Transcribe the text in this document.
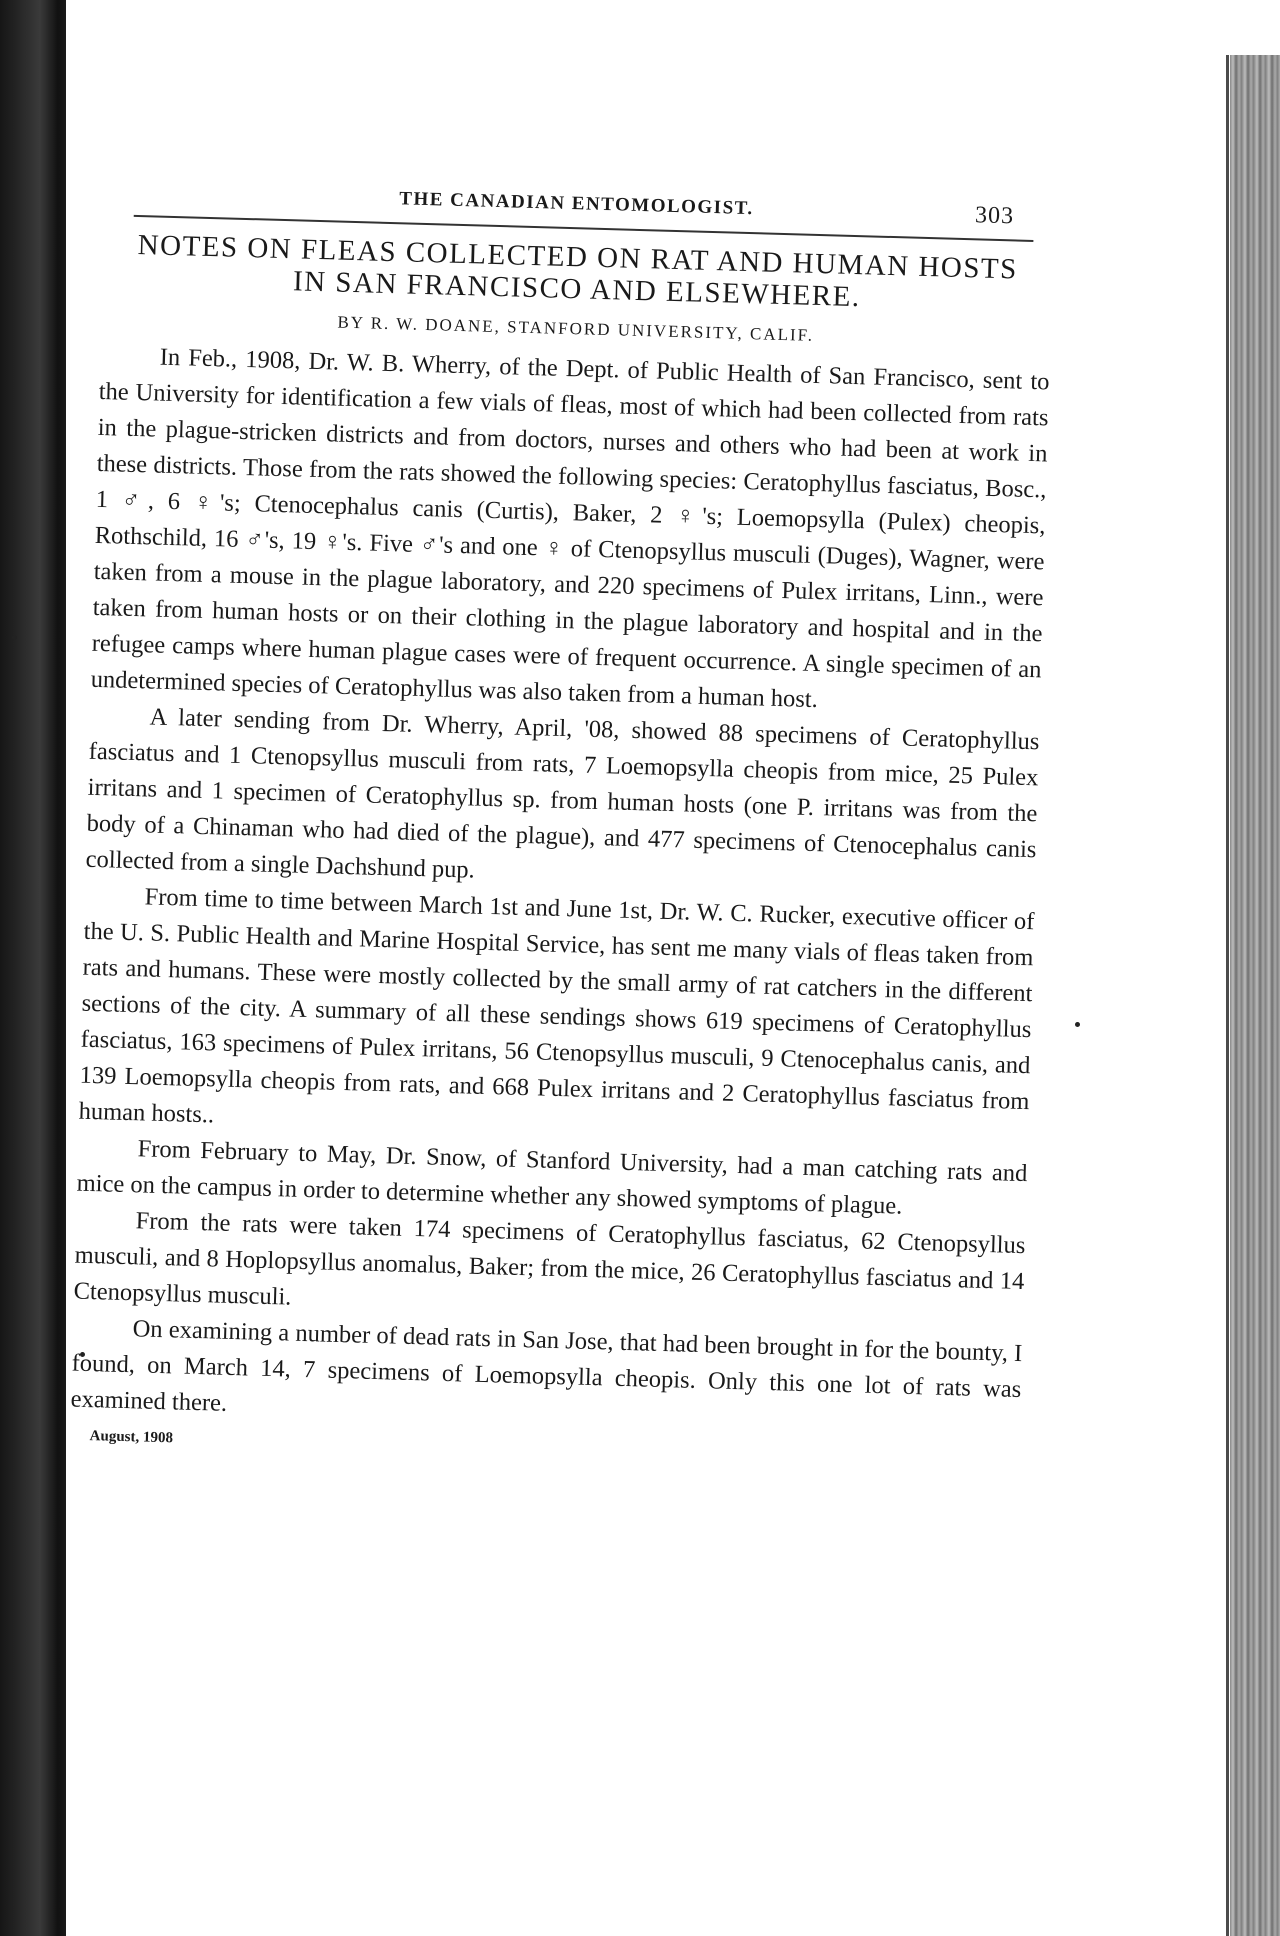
THE CANADIAN ENTOMOLOGIST.	303
NOTES ON FLEAS COLLECTED ON RAT AND HUMAN HOSTS IN SAN FRANCISCO AND ELSEWHERE.
BY R. W. DOANE, STANFORD UNIVERSITY, CALIF.

In Feb., 1908, Dr. W. B. Wherry, of the Dept. of Public Health of San Francisco, sent to the University for identification a few vials of fleas, most of which had been collected from rats in the plague-stricken districts and from doctors, nurses and others who had been at work in these districts. Those from the rats showed the following species: Ceratophyllus fasciatus, Bosc., 1 ♂, 6 ♀'s; Ctenocephalus canis (Curtis), Baker, 2 ♀'s; Loemopsylla (Pulex) cheopis, Rothschild, 16 ♂'s, 19 ♀'s. Five ♂'s and one ♀ of Ctenopsyllus musculi (Duges), Wagner, were taken from a mouse in the plague laboratory, and 220 specimens of Pulex irritans, Linn., were taken from human hosts or on their clothing in the plague laboratory and hospital and in the refugee camps where human plague cases were of frequent occurrence. A single specimen of an undetermined species of Ceratophyllus was also taken from a human host.

A later sending from Dr. Wherry, April, '08, showed 88 specimens of Ceratophyllus fasciatus and 1 Ctenopsyllus musculi from rats, 7 Loemopsylla cheopis from mice, 25 Pulex irritans and 1 specimen of Ceratophyllus sp. from human hosts (one P. irritans was from the body of a Chinaman who had died of the plague), and 477 specimens of Ctenocephalus canis collected from a single Dachshund pup.

From time to time between March 1st and June 1st, Dr. W. C. Rucker, executive officer of the U. S. Public Health and Marine Hospital Service, has sent me many vials of fleas taken from rats and humans. These were mostly collected by the small army of rat catchers in the different sections of the city. A summary of all these sendings shows 619 specimens of Ceratophyllus fasciatus, 163 specimens of Pulex irritans, 56 Ctenopsyllus musculi, 9 Ctenocephalus canis, and 139 Loemopsylla cheopis from rats, and 668 Pulex irritans and 2 Ceratophyllus fasciatus from human hosts..

From February to May, Dr. Snow, of Stanford University, had a man catching rats and mice on the campus in order to determine whether any showed symptoms of plague.

From the rats were taken 174 specimens of Ceratophyllus fasciatus, 62 Ctenopsyllus musculi, and 8 Hoplopsyllus anomalus, Baker; from the mice, 26 Ceratophyllus fasciatus and 14 Ctenopsyllus musculi.

On examining a number of dead rats in San Jose, that had been brought in for the bounty, I found, on March 14, 7 specimens of Loemopsylla cheopis. Only this one lot of rats was examined there.

August, 1908
